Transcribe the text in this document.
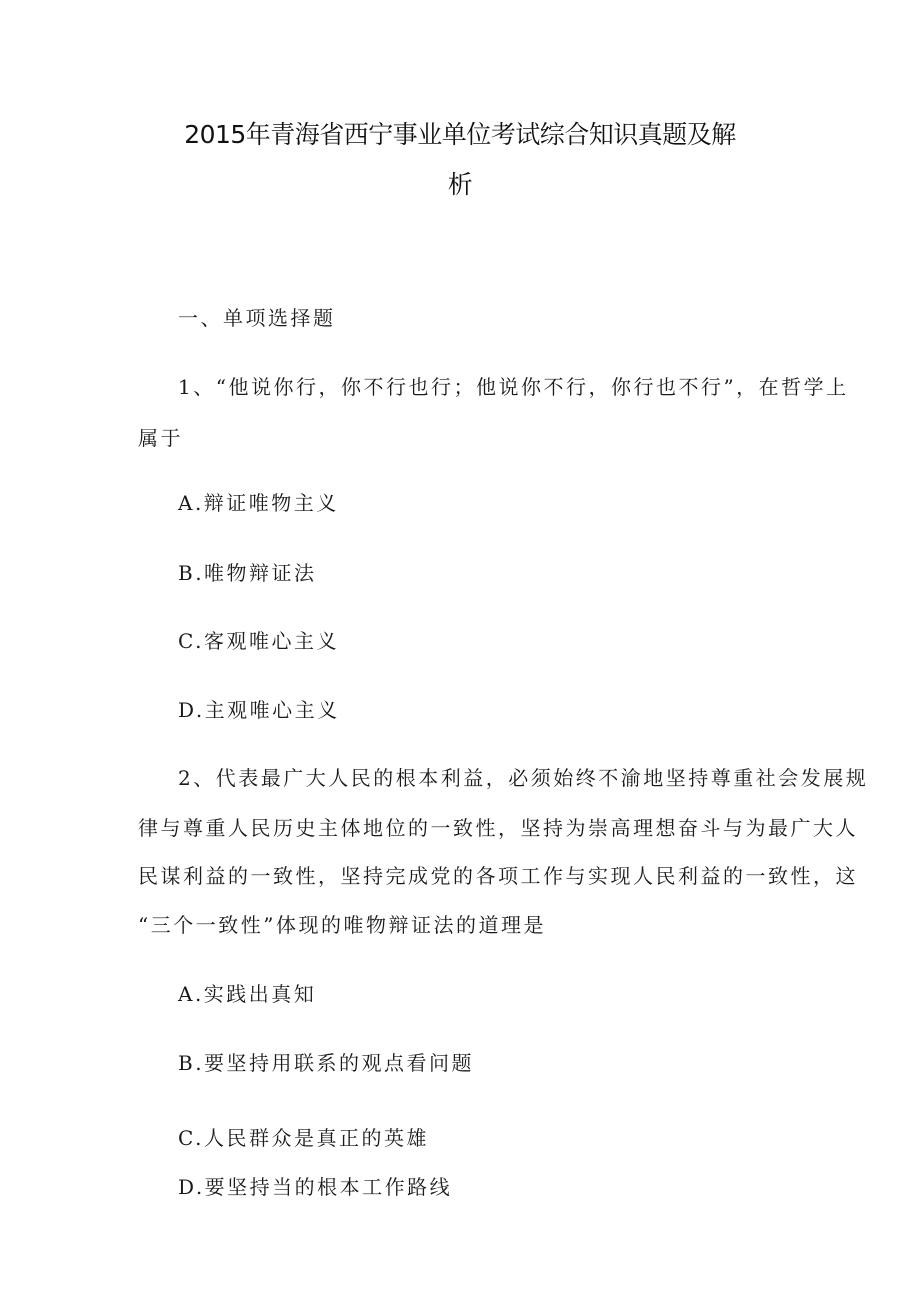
2015年青海省西宁事业单位考试综合知识真题及解
析
一、单项选择题
1、“他说你行，你不行也行；他说你不行，你行也不行”，在哲学上
属于
A.辩证唯物主义
B.唯物辩证法
C.客观唯心主义
D.主观唯心主义
2、代表最广大人民的根本利益，必须始终不渝地坚持尊重社会发展规
律与尊重人民历史主体地位的一致性，坚持为崇高理想奋斗与为最广大人
民谋利益的一致性，坚持完成党的各项工作与实现人民利益的一致性，这
“三个一致性”体现的唯物辩证法的道理是
A.实践出真知
B.要坚持用联系的观点看问题
C.人民群众是真正的英雄
D.要坚持当的根本工作路线
